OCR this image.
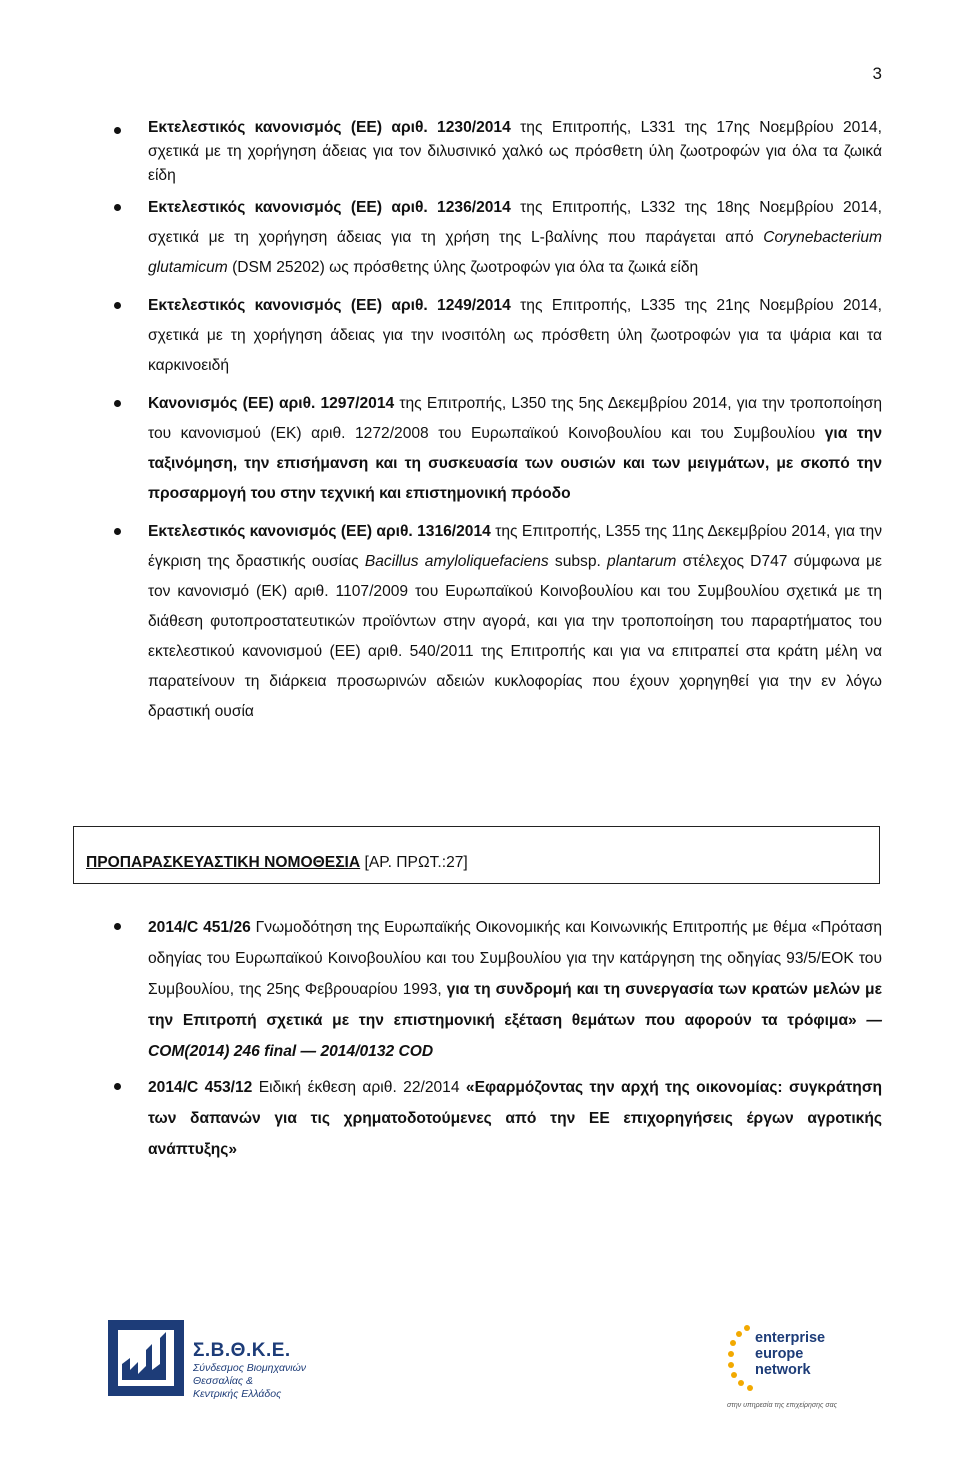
3
Εκτελεστικός κανονισμός (ΕΕ) αριθ. 1230/2014 της Επιτροπής, L331 της 17ης Νοεμβρίου 2014, σχετικά με τη χορήγηση άδειας για τον διλυσινικό χαλκό ως πρόσθετη ύλη ζωοτροφών για όλα τα ζωικά είδη
Εκτελεστικός κανονισμός (ΕΕ) αριθ. 1236/2014 της Επιτροπής, L332 της 18ης Νοεμβρίου 2014, σχετικά με τη χορήγηση άδειας για τη χρήση της L-βαλίνης που παράγεται από Corynebacterium glutamicum (DSM 25202) ως πρόσθετης ύλης ζωοτροφών για όλα τα ζωικά είδη
Εκτελεστικός κανονισμός (ΕΕ) αριθ. 1249/2014 της Επιτροπής, L335 της 21ης Νοεμβρίου 2014, σχετικά με τη χορήγηση άδειας για την ινοσιτόλη ως πρόσθετη ύλη ζωοτροφών για τα ψάρια και τα καρκινοειδή
Κανονισμός (ΕΕ) αριθ. 1297/2014 της Επιτροπής, L350 της 5ης Δεκεμβρίου 2014, για την τροποποίηση του κανονισμού (ΕΚ) αριθ. 1272/2008 του Ευρωπαϊκού Κοινοβουλίου και του Συμβουλίου για την ταξινόμηση, την επισήμανση και τη συσκευασία των ουσιών και των μειγμάτων, με σκοπό την προσαρμογή του στην τεχνική και επιστημονική πρόοδο
Εκτελεστικός κανονισμός (ΕΕ) αριθ. 1316/2014 της Επιτροπής, L355 της 11ης Δεκεμβρίου 2014, για την έγκριση της δραστικής ουσίας Bacillus amyloliquefaciens subsp. plantarum στέλεχος D747 σύμφωνα με τον κανονισμό (ΕΚ) αριθ. 1107/2009 του Ευρωπαϊκού Κοινοβουλίου και του Συμβουλίου σχετικά με τη διάθεση φυτοπροστατευτικών προϊόντων στην αγορά, και για την τροποποίηση του παραρτήματος του εκτελεστικού κανονισμού (ΕΕ) αριθ. 540/2011 της Επιτροπής και για να επιτραπεί στα κράτη μέλη να παρατείνουν τη διάρκεια προσωρινών αδειών κυκλοφορίας που έχουν χορηγηθεί για την εν λόγω δραστική ουσία
ΠΡΟΠΑΡΑΣΚΕΥΑΣΤΙΚΗ ΝΟΜΟΘΕΣΙΑ [ΑΡ. ΠΡΩΤ.:27]
2014/C 451/26 Γνωμοδότηση της Ευρωπαϊκής Οικονομικής και Κοινωνικής Επιτροπής με θέμα «Πρόταση οδηγίας του Ευρωπαϊκού Κοινοβουλίου και του Συμβουλίου για την κατάργηση της οδηγίας 93/5/ΕΟΚ του Συμβουλίου, της 25ης Φεβρουαρίου 1993, για τη συνδρομή και τη συνεργασία των κρατών μελών με την Επιτροπή σχετικά με την επιστημονική εξέταση θεμάτων που αφορούν τα τρόφιμα» — COM(2014) 246 final — 2014/0132 COD
2014/C 453/12 Ειδική έκθεση αριθ. 22/2014 «Εφαρμόζοντας την αρχή της οικονομίας: συγκράτηση των δαπανών για τις χρηματοδοτούμενες από την ΕΕ επιχορηγήσεις έργων αγροτικής ανάπτυξης»
Σ.Β.Θ.Κ.Ε.
Σύνδεσμος Βιομηχανιών
Θεσσαλίας &
Κεντρικής Ελλάδος
enterprise
europe
network
στην υπηρεσία της επιχείρησης σας
